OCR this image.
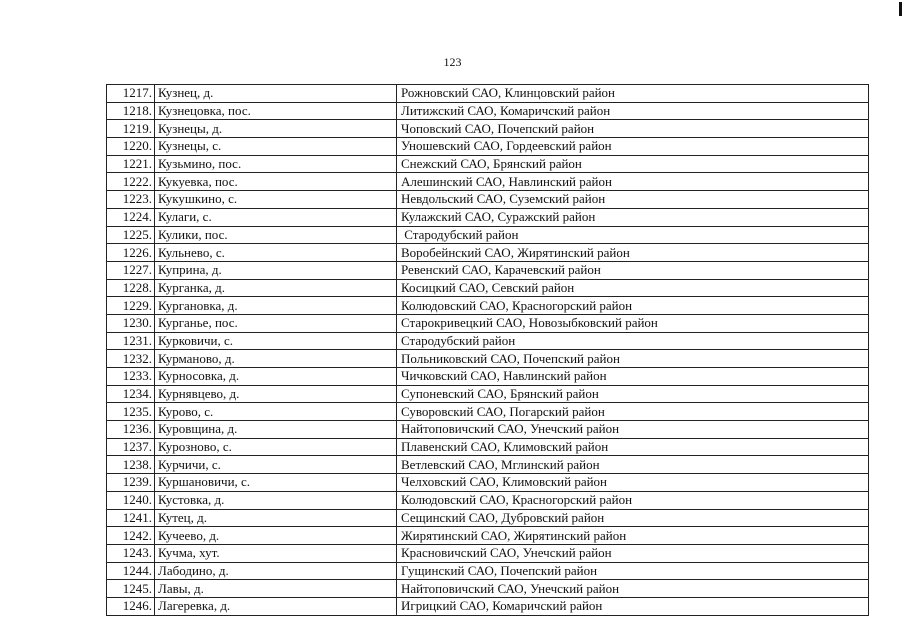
123
1217.	Кузнец, д.	Рожновский САО, Клинцовский район
1218.	Кузнецовка, пос.	Литижский САО, Комаричский район
1219.	Кузнецы, д.	Чоповский САО, Почепский район
1220.	Кузнецы, с.	Уношевский САО, Гордеевский район
1221.	Кузьмино, пос.	Снежский САО, Брянский район
1222.	Кукуевка, пос.	Алешинский САО, Навлинский район
1223.	Кукушкино, с.	Невдольский САО, Суземский район
1224.	Кулаги, с.	Кулажский САО, Суражский район
1225.	Кулики, пос.	Стародубский район
1226.	Кульнево, с.	Воробейнский САО, Жирятинский район
1227.	Куприна, д.	Ревенский САО, Карачевский район
1228.	Курганка, д.	Косицкий САО, Севский район
1229.	Кургановка, д.	Колюдовский САО, Красногорский район
1230.	Курганье, пос.	Старокривецкий САО, Новозыбковский район
1231.	Курковичи, с.	Стародубский район
1232.	Курманово, д.	Польниковский САО, Почепский район
1233.	Курносовка, д.	Чичковский САО, Навлинский район
1234.	Курнявцево, д.	Супоневский САО, Брянский район
1235.	Курово, с.	Суворовский САО, Погарский район
1236.	Куровщина, д.	Найтоповичский САО, Унечский район
1237.	Курозново, с.	Плавенский САО, Климовский район
1238.	Курчичи, с.	Ветлевский САО, Мглинский район
1239.	Куршановичи, с.	Челховский САО, Климовский район
1240.	Кустовка, д.	Колюдовский САО, Красногорский район
1241.	Кутец, д.	Сещинский САО, Дубровский район
1242.	Кучеево, д.	Жирятинский САО, Жирятинский район
1243.	Кучма, хут.	Красновичский САО, Унечский район
1244.	Лабодино, д.	Гущинский САО, Почепский район
1245.	Лавы, д.	Найтоповичский САО, Унечский район
1246.	Лагеревка, д.	Игрицкий САО, Комаричский район
